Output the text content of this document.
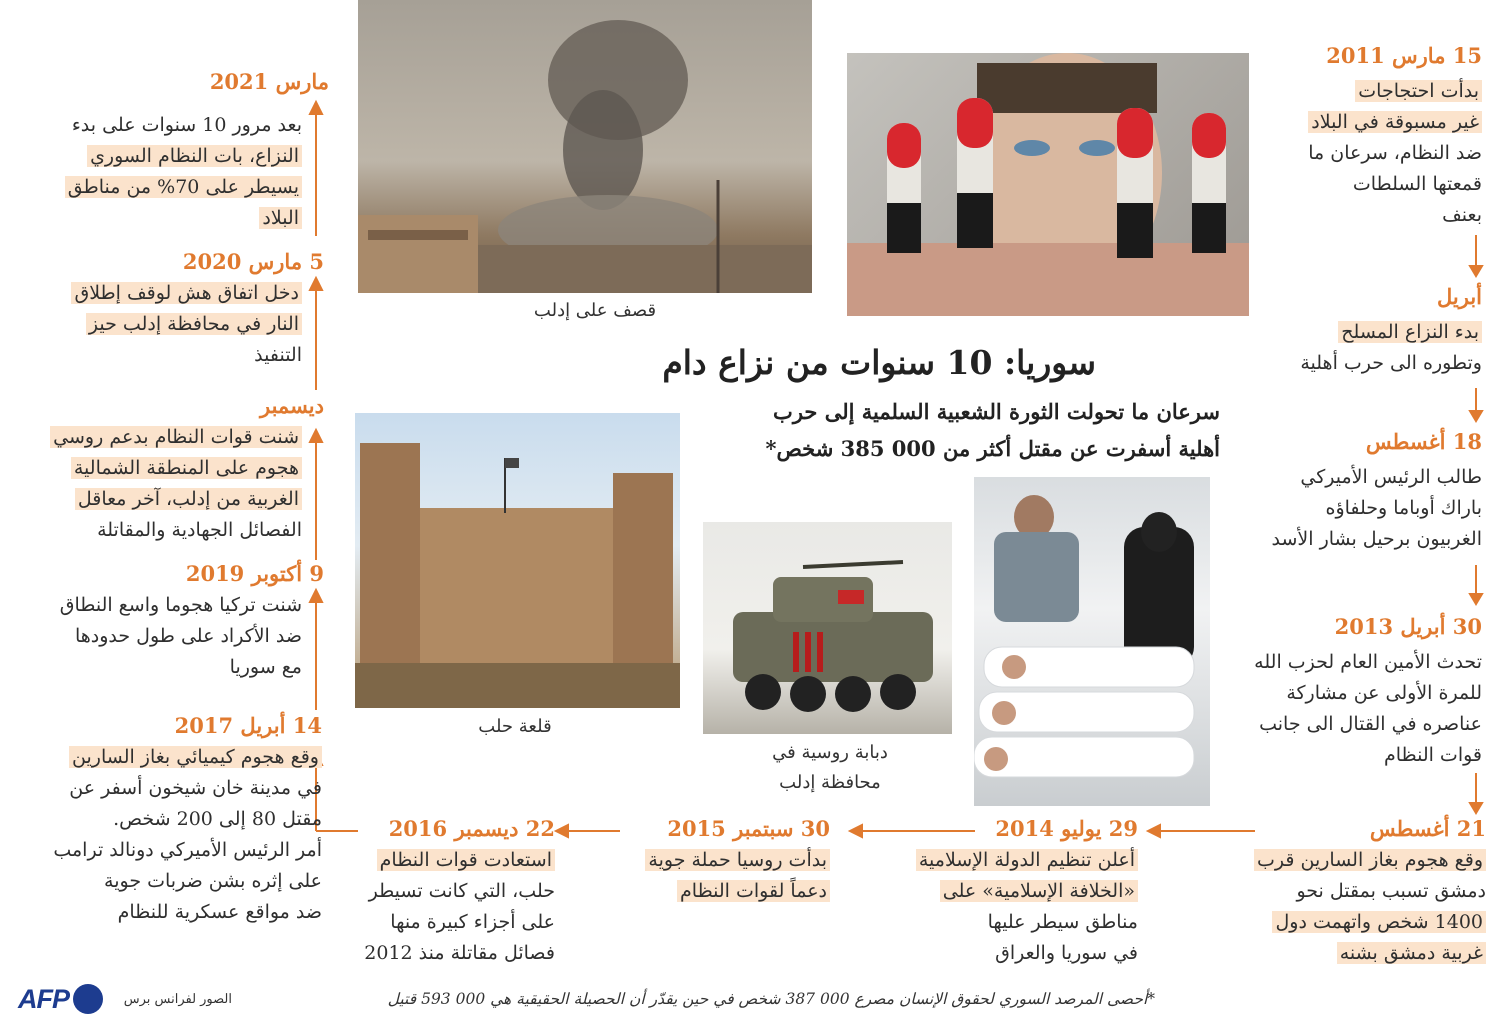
قصف على إدلب
قلعة حلب
دبابة روسية في
محافظة إدلب
سوريا: 10 سنوات من نزاع دام
سرعان ما تحولت الثورة الشعبية السلمية إلى حرب
أهلية أسفرت عن مقتل أكثر من 000 385 شخص*
15 مارس 2011
بدأت احتجاجات
غير مسبوقة في البلاد
ضد النظام، سرعان ما
قمعتها السلطات
بعنف
أبريل
بدء النزاع المسلح
وتطوره الى حرب أهلية
18 أغسطس
طالب الرئيس الأميركي
باراك أوباما وحلفاؤه
الغربيون برحيل بشار الأسد
30 أبريل 2013
تحدث الأمين العام لحزب الله
للمرة الأولى عن مشاركة
عناصره في القتال الى جانب
قوات النظام
21 أغسطس
وقع هجوم بغاز السارين قرب
دمشق تسبب بمقتل نحو
1400 شخص واتهمت دول
غربية دمشق بشنه
29 يوليو 2014
أعلن تنظيم الدولة الإسلامية
«الخلافة الإسلامية» على
مناطق سيطر عليها
في سوريا والعراق
30 سبتمبر 2015
بدأت روسيا حملة جوية
دعماً لقوات النظام
22 ديسمبر 2016
استعادت قوات النظام
حلب، التي كانت تسيطر
على أجزاء كبيرة منها
فصائل مقاتلة منذ 2012
14 أبريل 2017
وقع هجوم كيميائي بغاز السارين
في مدينة خان شيخون أسفر عن
مقتل 80 إلى 200 شخص.
أمر الرئيس الأميركي دونالد ترامب
على إثره بشن ضربات جوية
ضد مواقع عسكرية للنظام
9 أكتوبر 2019
شنت تركيا هجوما واسع النطاق
ضد الأكراد على طول حدودها
مع سوريا
ديسمبر
شنت قوات النظام بدعم روسي
هجوم على المنطقة الشمالية
الغربية من إدلب، آخر معاقل
الفصائل الجهادية والمقاتلة
5 مارس 2020
دخل اتفاق هش لوقف إطلاق
النار في محافظة إدلب حيز
التنفيذ
مارس 2021
بعد مرور 10 سنوات على بدء
النزاع، بات النظام السوري
يسيطر على 70% من مناطق
البلاد
*أحصى المرصد السوري لحقوق الإنسان مصرع 000 387 شخص في حين يقدّر أن الحصيلة الحقيقية هي 000 593 قتيل
الصور لفرانس برس
AFP
